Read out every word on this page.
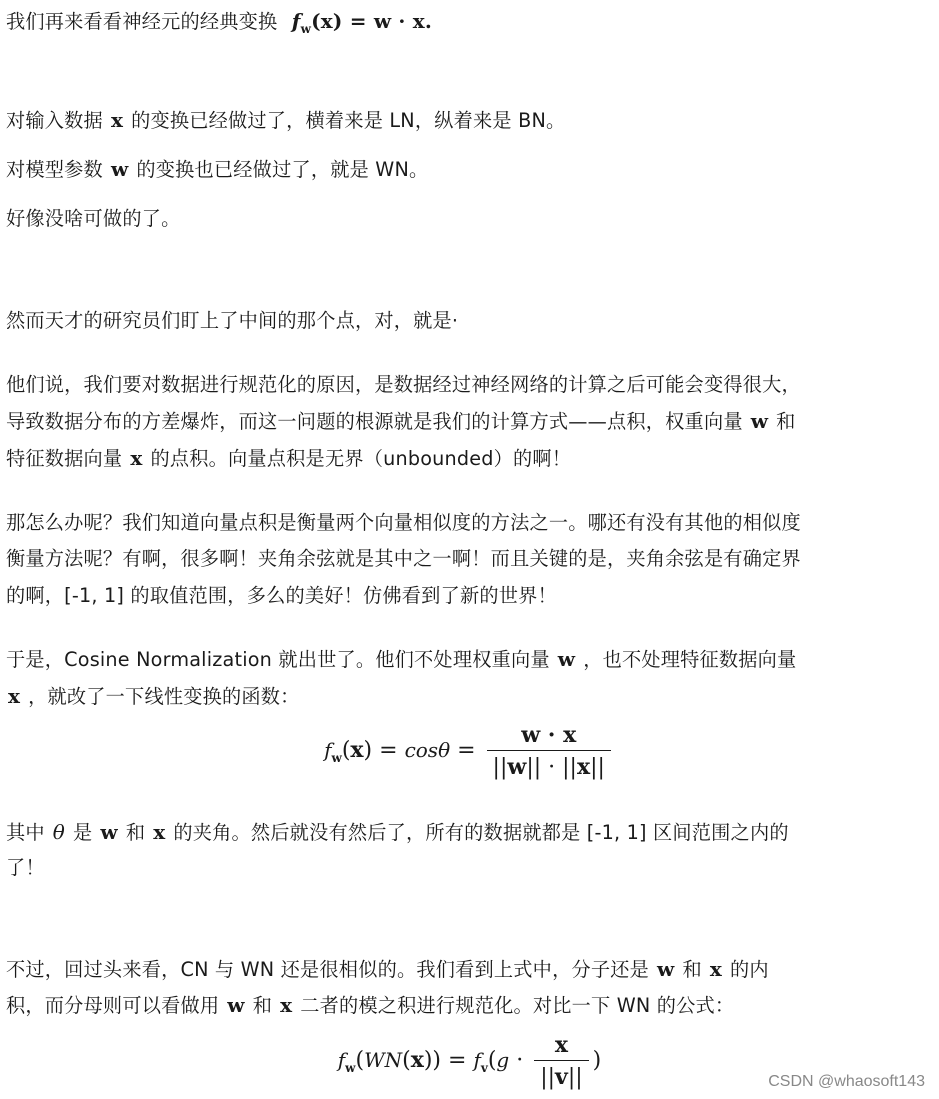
我们再来看看神经元的经典变换 $f_w(x) = w \cdot x$.
对输入数据 x 的变换已经做过了，横着来是 LN，纵着来是 BN。
对模型参数 w 的变换也已经做过了，就是 WN。
好像没啥可做的了。
然而天才的研究员们盯上了中间的那个点，对，就是·
他们说，我们要对数据进行规范化的原因，是数据经过神经网络的计算之后可能会变得很大，
导致数据分布的方差爆炸，而这一问题的根源就是我们的计算方式——点积，权重向量 w 和
特征数据向量 x 的点积。向量点积是无界（unbounded）的啊！
那怎么办呢？我们知道向量点积是衡量两个向量相似度的方法之一。哪还有没有其他的相似度
衡量方法呢？有啊，很多啊！夹角余弦就是其中之一啊！而且关键的是，夹角余弦是有确定界
的啊，[-1, 1] 的取值范围，多么的美好！仿佛看到了新的世界！
于是，Cosine Normalization 就出世了。他们不处理权重向量 w ，也不处理特征数据向量
x ，就改了一下线性变换的函数：
$f_w(x) = \cos\theta = \frac{w \cdot x}{||w|| \cdot ||x||}$
其中 θ 是 w 和 x 的夹角。然后就没有然后了，所有的数据就都是 [-1, 1] 区间范围之内的
了！
不过，回过头来看，CN 与 WN 还是很相似的。我们看到上式中，分子还是 w 和 x 的内
积，而分母则可以看做用 w 和 x 二者的模之积进行规范化。对比一下 WN 的公式：
$f_w(WN(x)) = f_v(g \cdot \frac{x}{||v||}$ )
CSDN @whaosoft143
